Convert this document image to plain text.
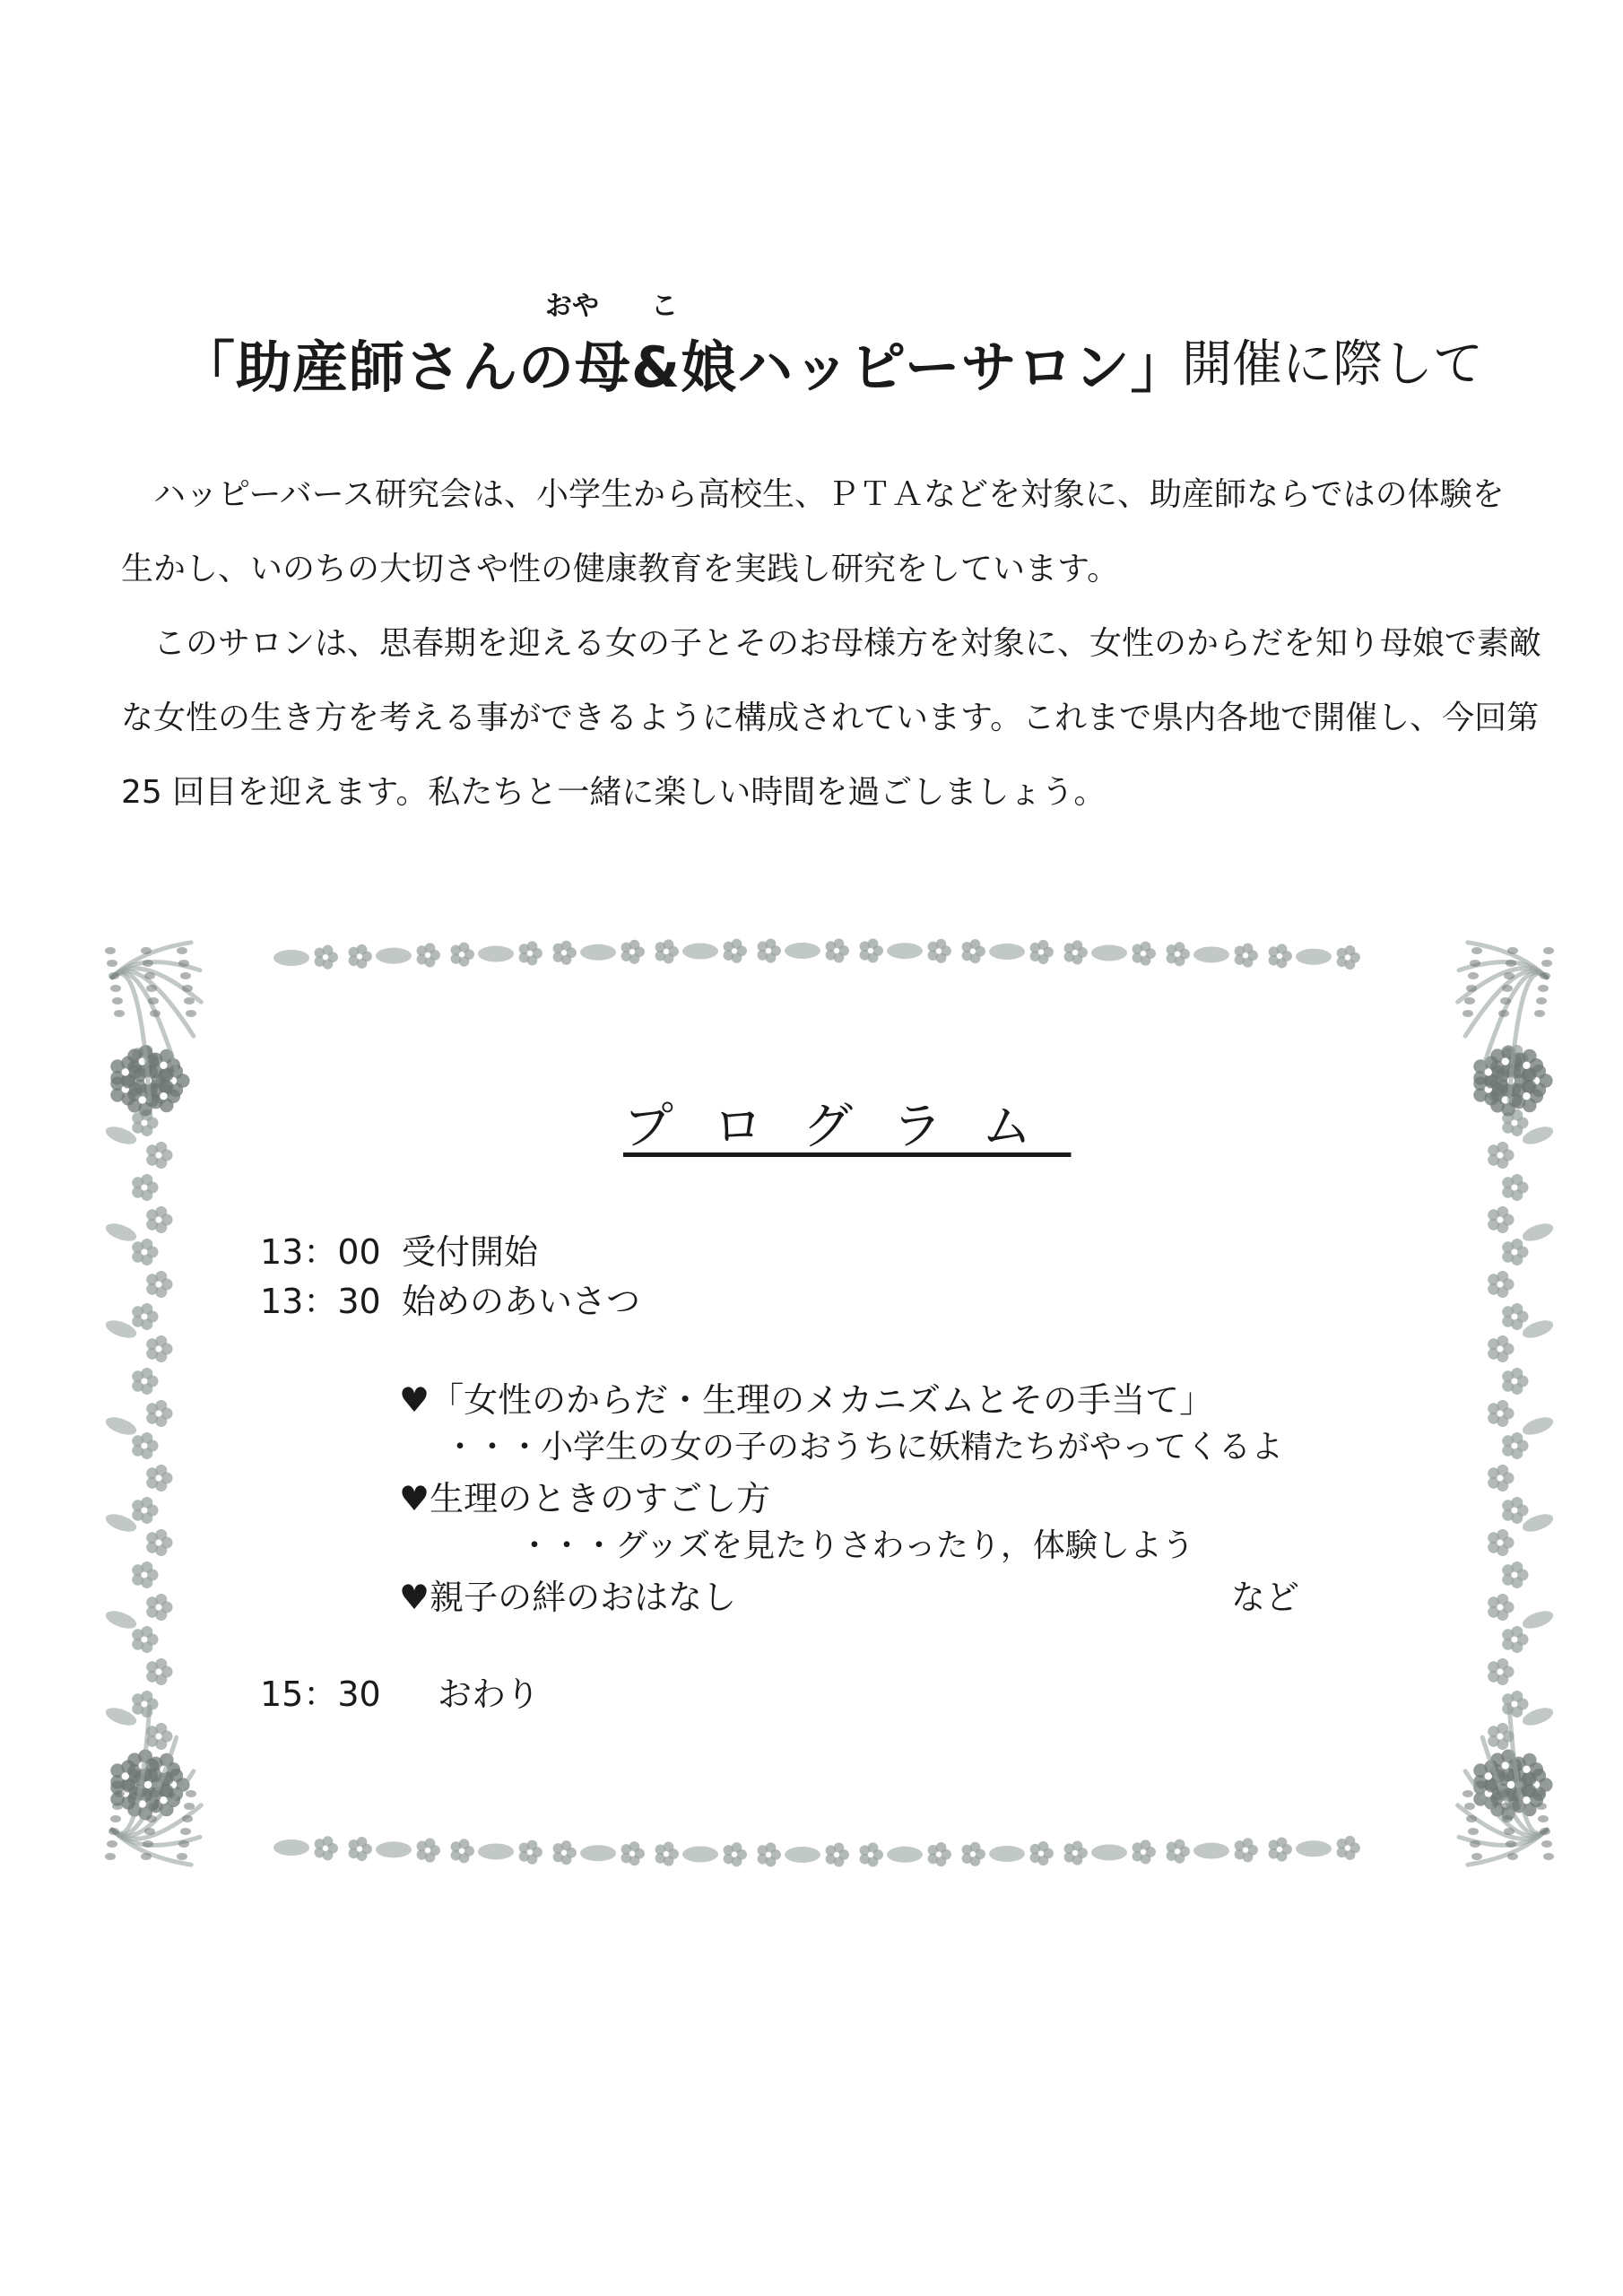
おや こ
「助産師さんの母&娘ハッピーサロン」
開催に際して

　ハッピーバース研究会は、小学生から高校生、ＰＴＡなどを対象に、助産師ならではの体験を

生かし、いのちの大切さや性の健康教育を実践し研究をしています。

　このサロンは、思春期を迎える女の子とそのお母様方を対象に、女性のからだを知り母娘で素敵

な女性の生き方を考える事ができるように構成されています。これまで県内各地で開催し、今回第

25 回目を迎えます。私たちと一緒に楽しい時間を過ごしましょう。

プログラム
13：00 受付開始
13：30 始めのあいさつ
♥「女性のからだ・生理のメカニズムとその手当て」
・・・小学生の女の子のおうちに妖精たちがやってくるよ
♥生理のときのすごし方
・・・グッズを見たりさわったり，体験しよう
♥親子の絆のおはなし	など
15：30 おわり
